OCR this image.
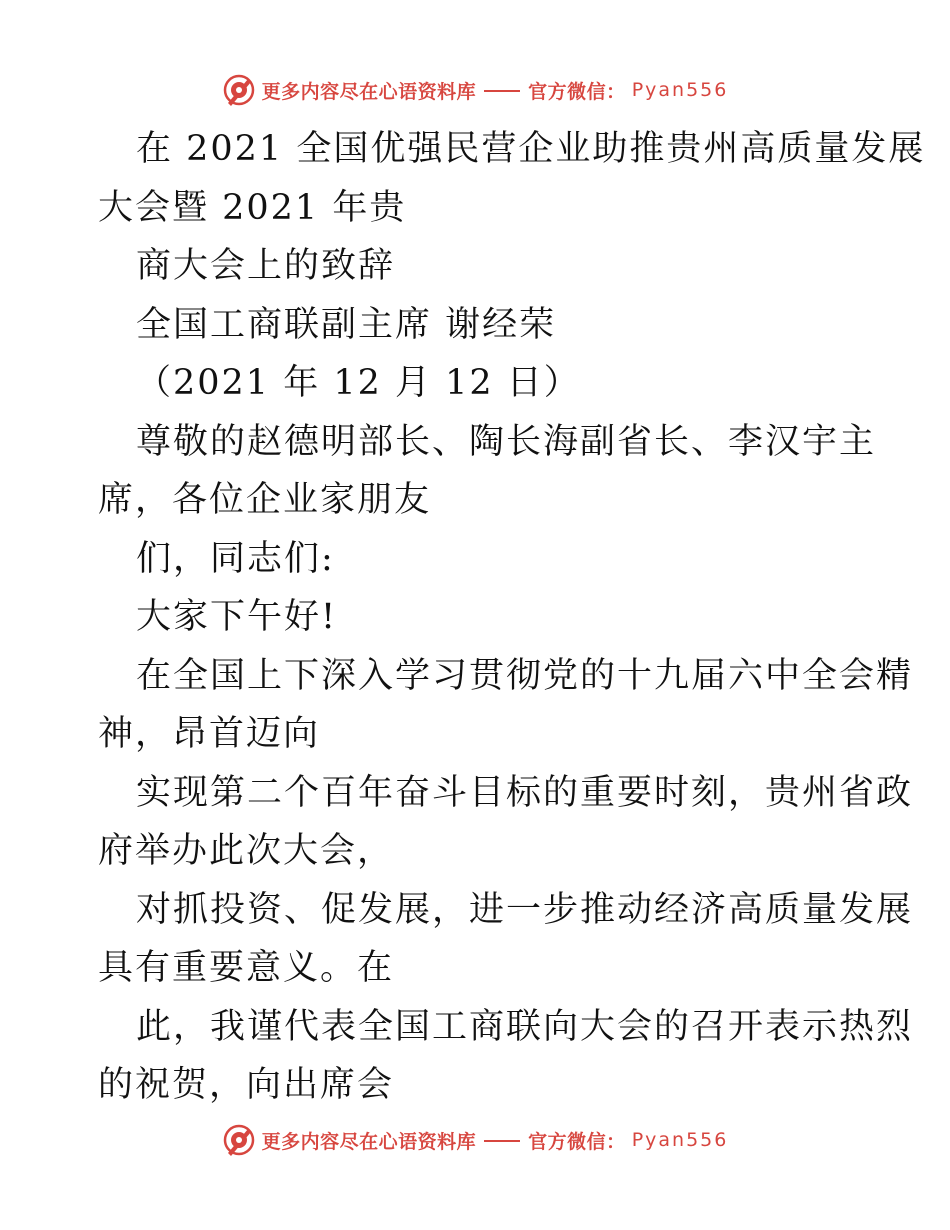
更多内容尽在心语资料库	官方微信： Pyan556
在 2021 全国优强民营企业助推贵州高质量发展
大会暨 2021 年贵
商大会上的致辞
全国工商联副主席 谢经荣
（2021 年 12 月 12 日）
尊敬的赵德明部长、陶长海副省长、李汉宇主
席，各位企业家朋友
们，同志们:
大家下午好!
在全国上下深入学习贯彻党的十九届六中全会精
神，昂首迈向
实现第二个百年奋斗目标的重要时刻，贵州省政
府举办此次大会，
对抓投资、促发展，进一步推动经济高质量发展
具有重要意义。在
此，我谨代表全国工商联向大会的召开表示热烈
的祝贺，向出席会
更多内容尽在心语资料库	官方微信： Pyan556
